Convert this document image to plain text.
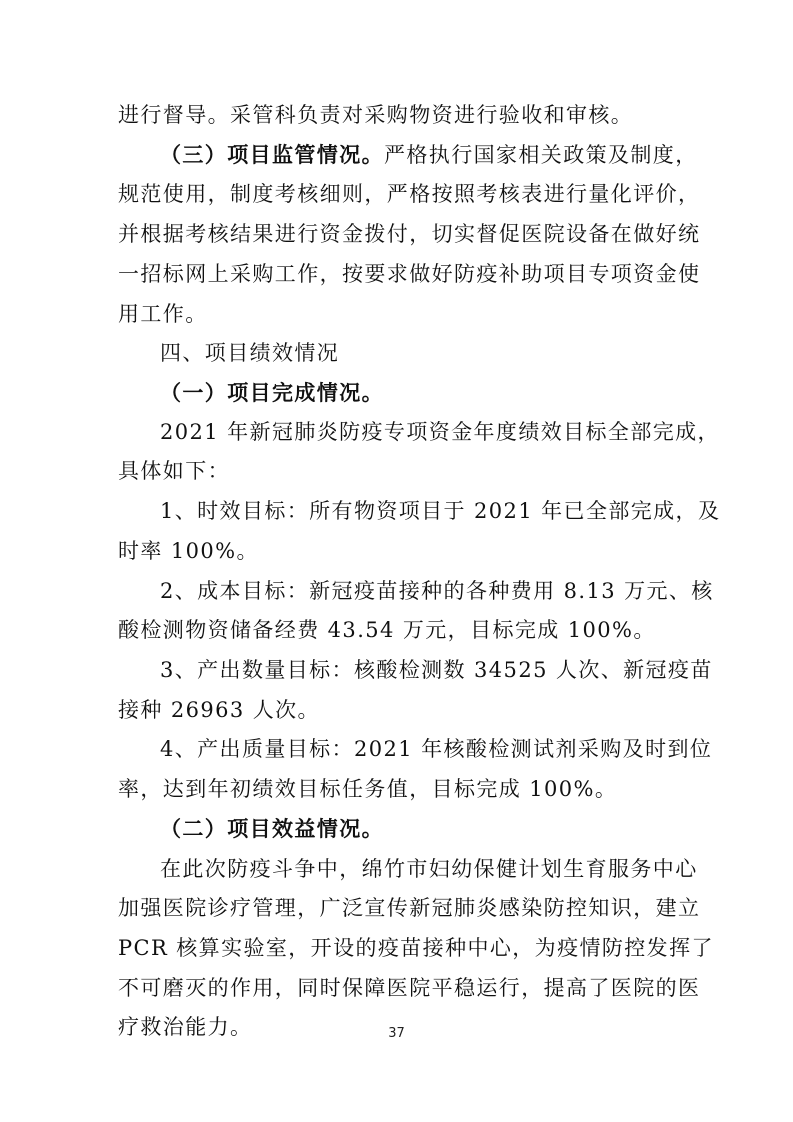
进行督导。采管科负责对采购物资进行验收和审核。
（三）项目监管情况。严格执行国家相关政策及制度，
规范使用，制度考核细则，严格按照考核表进行量化评价，
并根据考核结果进行资金拨付，切实督促医院设备在做好统
一招标网上采购工作，按要求做好防疫补助项目专项资金使
用工作。
四、项目绩效情况
（一）项目完成情况。
2021 年新冠肺炎防疫专项资金年度绩效目标全部完成，
具体如下：
1、时效目标：所有物资项目于 2021 年已全部完成，及
时率 100%。
2、成本目标：新冠疫苗接种的各种费用 8.13 万元、核
酸检测物资储备经费 43.54 万元，目标完成 100%。
3、产出数量目标：核酸检测数 34525 人次、新冠疫苗
接种 26963 人次。
4、产出质量目标：2021 年核酸检测试剂采购及时到位
率，达到年初绩效目标任务值，目标完成 100%。
（二）项目效益情况。
在此次防疫斗争中，绵竹市妇幼保健计划生育服务中心
加强医院诊疗管理，广泛宣传新冠肺炎感染防控知识，建立
PCR 核算实验室，开设的疫苗接种中心，为疫情防控发挥了
不可磨灭的作用，同时保障医院平稳运行，提高了医院的医
疗救治能力。	37
